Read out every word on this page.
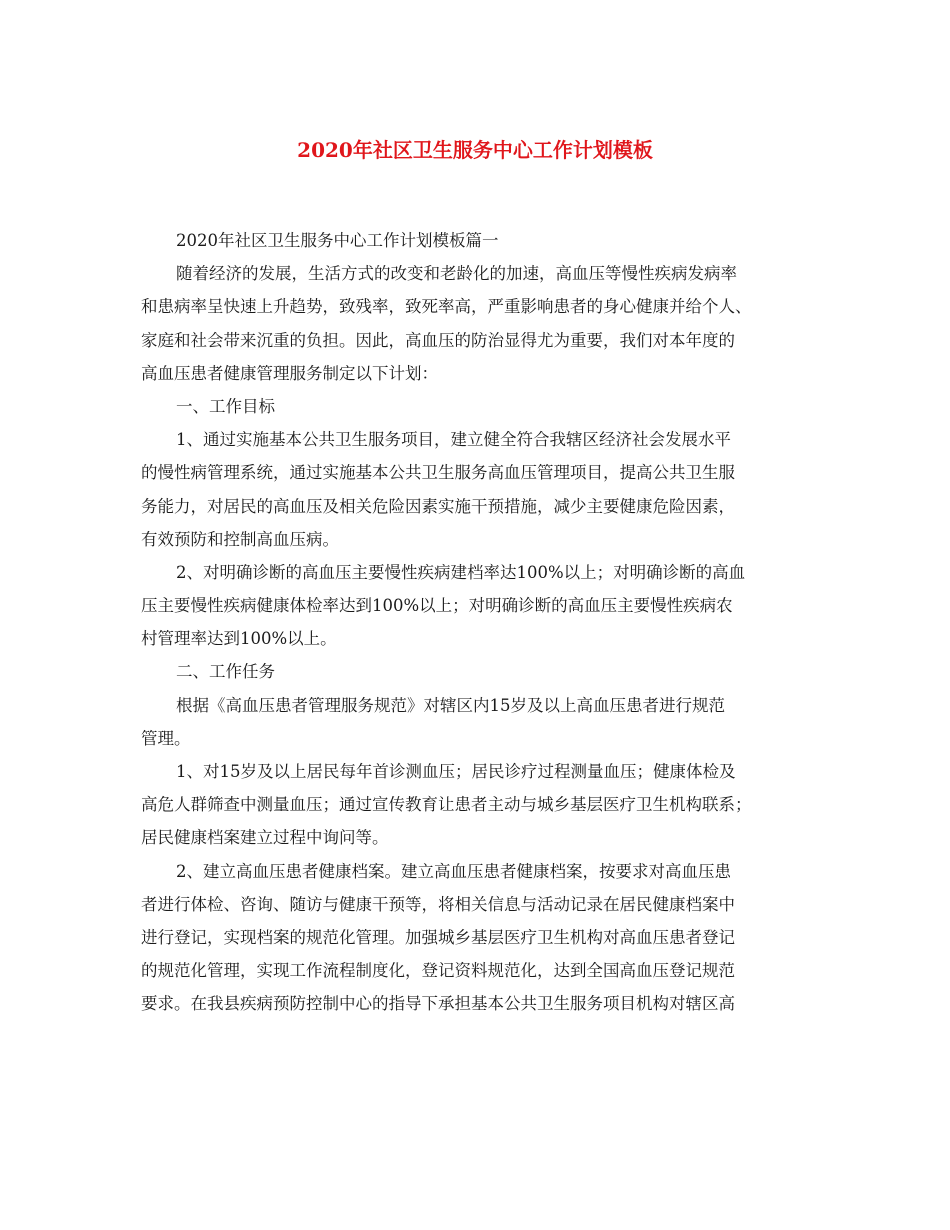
2020年社区卫生服务中心工作计划模板
2020年社区卫生服务中心工作计划模板篇一
随着经济的发展，生活方式的改变和老龄化的加速，高血压等慢性疾病发病率
和患病率呈快速上升趋势，致残率，致死率高，严重影响患者的身心健康并给个人、
家庭和社会带来沉重的负担。因此，高血压的防治显得尤为重要，我们对本年度的
高血压患者健康管理服务制定以下计划：
一、工作目标
1、通过实施基本公共卫生服务项目，建立健全符合我辖区经济社会发展水平
的慢性病管理系统，通过实施基本公共卫生服务高血压管理项目，提高公共卫生服
务能力，对居民的高血压及相关危险因素实施干预措施，减少主要健康危险因素，
有效预防和控制高血压病。
2、对明确诊断的高血压主要慢性疾病建档率达100%以上；对明确诊断的高血
压主要慢性疾病健康体检率达到100%以上；对明确诊断的高血压主要慢性疾病农
村管理率达到100%以上。
二、工作任务
根据《高血压患者管理服务规范》对辖区内15岁及以上高血压患者进行规范
管理。
1、对15岁及以上居民每年首诊测血压；居民诊疗过程测量血压；健康体检及
高危人群筛查中测量血压；通过宣传教育让患者主动与城乡基层医疗卫生机构联系；
居民健康档案建立过程中询问等。
2、建立高血压患者健康档案。建立高血压患者健康档案，按要求对高血压患
者进行体检、咨询、随访与健康干预等，将相关信息与活动记录在居民健康档案中
进行登记，实现档案的规范化管理。加强城乡基层医疗卫生机构对高血压患者登记
的规范化管理，实现工作流程制度化，登记资料规范化，达到全国高血压登记规范
要求。在我县疾病预防控制中心的指导下承担基本公共卫生服务项目机构对辖区高
